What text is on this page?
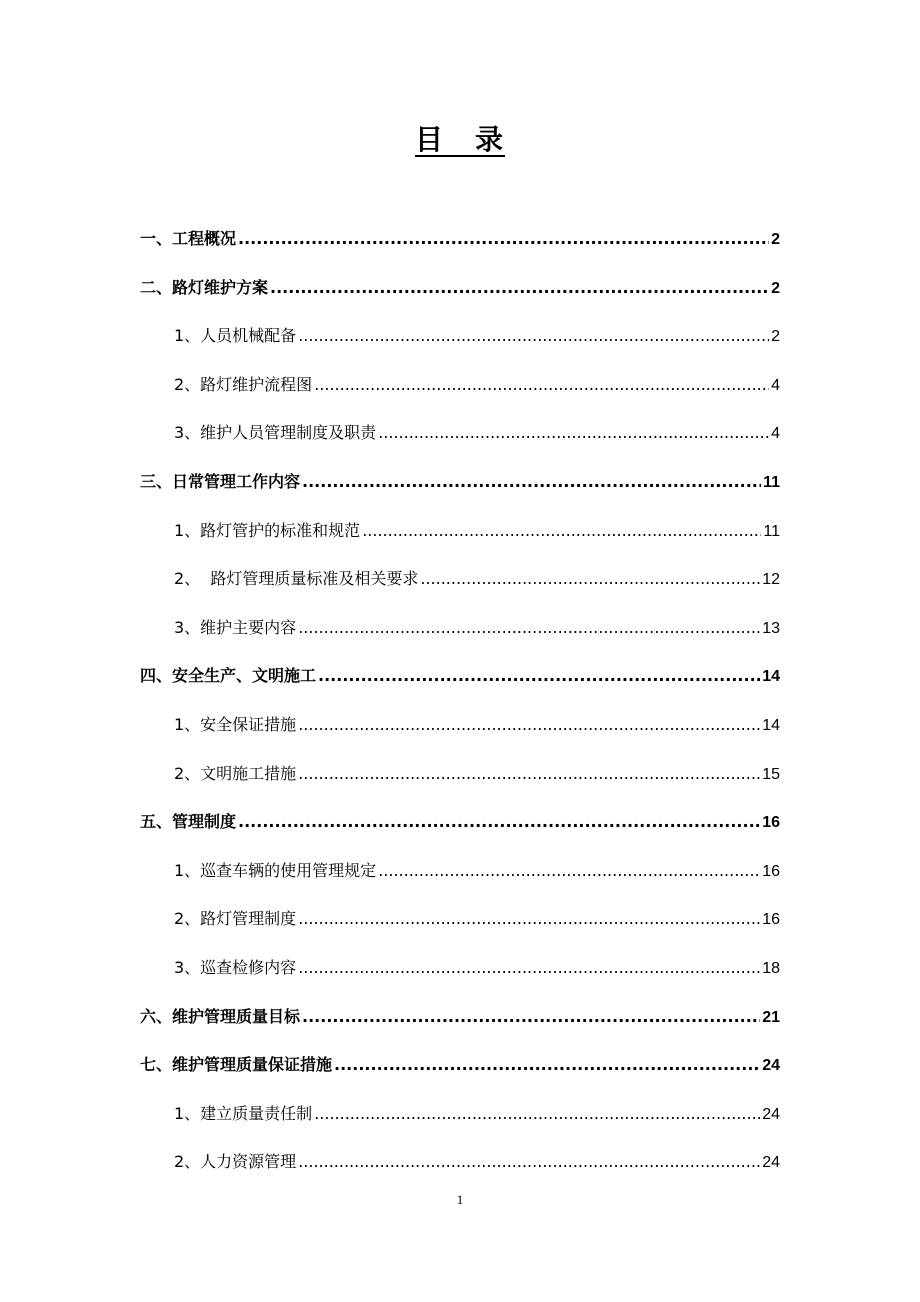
目　录
一、工程概况 .....	2
二、路灯维护方案 .....	2
1、人员机械配备 .....	2
2、路灯维护流程图 .....	4
3、维护人员管理制度及职责 .....	4
三、日常管理工作内容 .....	11
1、路灯管护的标准和规范 .....	11
2、  路灯管理质量标准及相关要求 .....	12
3、维护主要内容 .....	13
四、安全生产、文明施工 .....	14
1、安全保证措施 .....	14
2、文明施工措施 .....	15
五、管理制度 .....	16
1、巡查车辆的使用管理规定 .....	16
2、路灯管理制度 .....	16
3、巡查检修内容 .....	18
六、维护管理质量目标 .....	21
七、维护管理质量保证措施 .....	24
1、建立质量责任制 .....	24
2、人力资源管理 .....	24
1
